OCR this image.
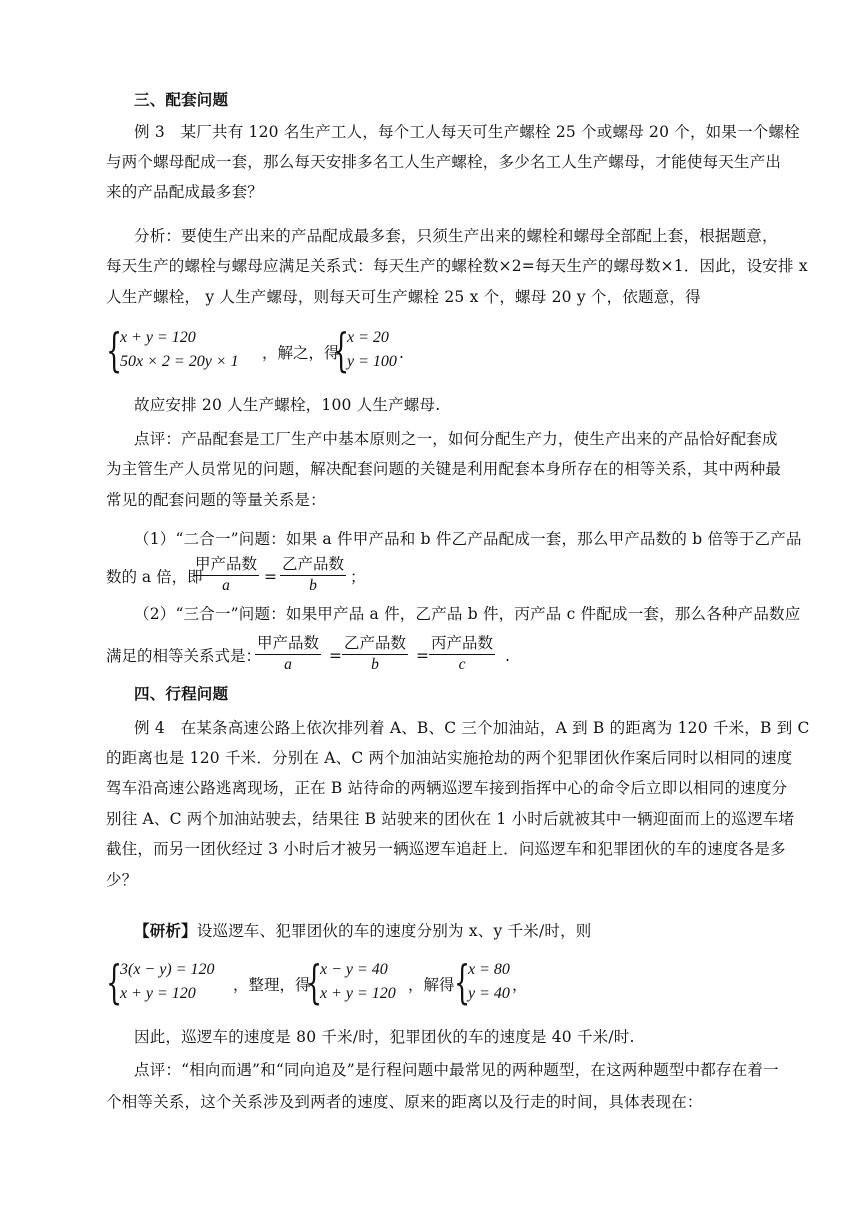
三、配套问题
例 3　某厂共有 120 名生产工人，每个工人每天可生产螺栓 25 个或螺母 20 个，如果一个螺栓
与两个螺母配成一套，那么每天安排多名工人生产螺栓，多少名工人生产螺母，才能使每天生产出
来的产品配成最多套？
分析：要使生产出来的产品配成最多套，只须生产出来的螺栓和螺母全部配上套，根据题意，
每天生产的螺栓与螺母应满足关系式：每天生产的螺栓数×2=每天生产的螺母数×1．因此，设安排 x
人生产螺栓， y 人生产螺母，则每天可生产螺栓 25 x 个，螺母 20 y 个，依题意，得
{
x + y = 120
50x × 2 = 20y × 1 ，解之，得
{
x = 20
y = 100 .
故应安排 20 人生产螺栓，100 人生产螺母.
点评：产品配套是工厂生产中基本原则之一，如何分配生产力，使生产出来的产品恰好配套成
为主管生产人员常见的问题，解决配套问题的关键是利用配套本身所存在的相等关系，其中两种最
常见的配套问题的等量关系是：
（1）“二合一”问题：如果 a 件甲产品和 b 件乙产品配成一套，那么甲产品数的 b 倍等于乙产品
数的 a 倍，即
甲产品数
a =
乙产品数
b ；
（2）“三合一”问题：如果甲产品 a 件，乙产品 b 件，丙产品 c 件配成一套，那么各种产品数应
满足的相等关系式是：
甲产品数
a =
乙产品数
b =
丙产品数
c	.
四、行程问题
例 4　在某条高速公路上依次排列着 A、B、C 三个加油站，A 到 B 的距离为 120 千米，B 到 C
的距离也是 120 千米．分别在 A、C 两个加油站实施抢劫的两个犯罪团伙作案后同时以相同的速度
驾车沿高速公路逃离现场，正在 B 站待命的两辆巡逻车接到指挥中心的命令后立即以相同的速度分
别往 A、C 两个加油站驶去，结果往 B 站驶来的团伙在 1 小时后就被其中一辆迎面而上的巡逻车堵
截住，而另一团伙经过 3 小时后才被另一辆巡逻车追赶上．问巡逻车和犯罪团伙的车的速度各是多
少？
【研析】设巡逻车、犯罪团伙的车的速度分别为 x、y 千米/时，则
{
3(x − y) = 120
x + y = 120	，整理，得
{
x − y = 40
x + y = 120 ，解得 {
x = 80
y = 40 ，
因此，巡逻车的速度是 80 千米/时，犯罪团伙的车的速度是 40 千米/时.
点评：“相向而遇”和“同向追及”是行程问题中最常见的两种题型，在这两种题型中都存在着一
个相等关系，这个关系涉及到两者的速度、原来的距离以及行走的时间，具体表现在：
